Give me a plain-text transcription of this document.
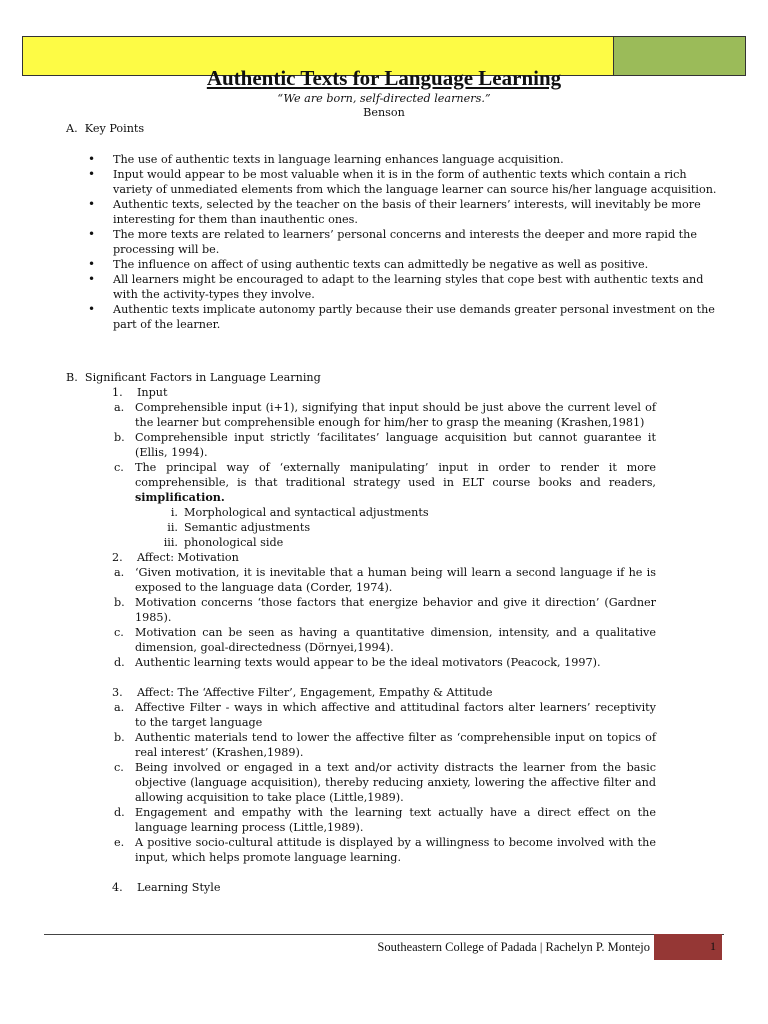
Authentic Texts for Language Learning
“We are born, self-directed learners.”
Benson
A. Key Points
• The use of authentic texts in language learning enhances language acquisition.
• Input would appear to be most valuable when it is in the form of authentic texts which contain a rich variety of unmediated elements from which the language learner can source his/her language acquisition.
• Authentic texts, selected by the teacher on the basis of their learners’ interests, will inevitably be more interesting for them than inauthentic ones.
• The more texts are related to learners’ personal concerns and interests the deeper and more rapid the processing will be.
• The influence on affect of using authentic texts can admittedly be negative as well as positive.
• All learners might be encouraged to adapt to the learning styles that cope best with authentic texts and with the activity-types they involve.
• Authentic texts implicate autonomy partly because their use demands greater personal investment on the part of the learner.
B. Significant Factors in Language Learning
1. Input
a. Comprehensible input (i+1), signifying that input should be just above the current level of the learner but comprehensible enough for him/her to grasp the meaning (Krashen,1981)
b. Comprehensible input strictly ‘facilitates’ language acquisition but cannot guarantee it (Ellis, 1994).
c. The principal way of ‘externally manipulating’ input in order to render it more comprehensible, is that traditional strategy used in ELT course books and readers, simplification.
i. Morphological and syntactical adjustments
ii. Semantic adjustments
iii. phonological side
2. Affect: Motivation
a. ‘Given motivation, it is inevitable that a human being will learn a second language if he is exposed to the language data (Corder, 1974).
b. Motivation concerns ‘those factors that energize behavior and give it direction’ (Gardner 1985).
c. Motivation can be seen as having a quantitative dimension, intensity, and a qualitative dimension, goal-directedness (Dörnyei,1994).
d. Authentic learning texts would appear to be the ideal motivators (Peacock, 1997).
3. Affect: The ‘Affective Filter’, Engagement, Empathy & Attitude
a. Affective Filter - ways in which affective and attitudinal factors alter learners’ receptivity to the target language
b. Authentic materials tend to lower the affective filter as ‘comprehensible input on topics of real interest’ (Krashen,1989).
c. Being involved or engaged in a text and/or activity distracts the learner from the basic objective (language acquisition), thereby reducing anxiety, lowering the affective filter and allowing acquisition to take place (Little,1989).
d. Engagement and empathy with the learning text actually have a direct effect on the language learning process (Little,1989).
e. A positive socio-cultural attitude is displayed by a willingness to become involved with the input, which helps promote language learning.
4. Learning Style
Southeastern College of Padada | Rachelyn P. Montejo	1
